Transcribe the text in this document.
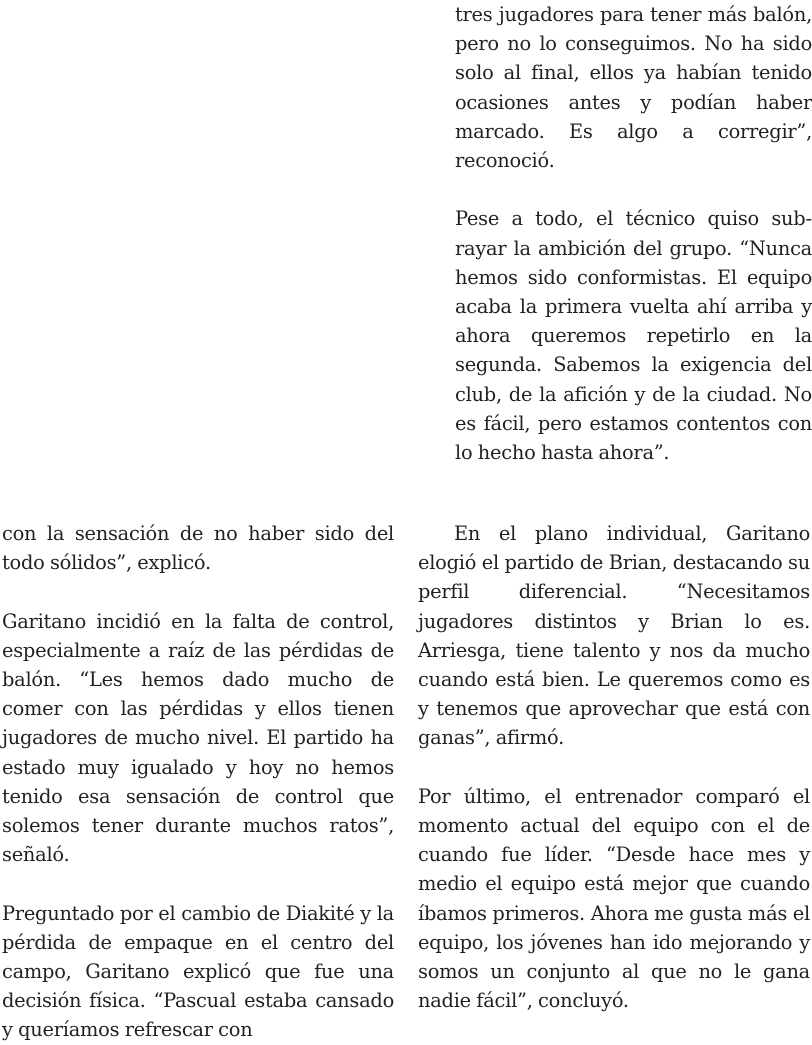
tres jugadores para tener más balón, pero no lo conseguimos. No ha sido solo al final, ellos ya habían tenido ocasiones antes y podían haber marcado. Es algo a corregir”, reconoció.

Pese a todo, el técnico quiso subrayar la ambición del grupo. “Nunca hemos sido conformistas. El equipo acaba la primera vuelta ahí arriba y ahora queremos repetirlo en la segunda. Sabemos la exigencia del club, de la afición y de la ciudad. No es fácil, pero estamos contentos con lo hecho hasta ahora”.

con la sensación de no haber sido del todo sólidos”, explicó.

Garitano incidió en la falta de control, especialmente a raíz de las pérdidas de balón. “Les hemos dado mucho de comer con las pérdidas y ellos tienen jugadores de mucho nivel. El partido ha estado muy igualado y hoy no hemos tenido esa sensación de control que solemos tener durante muchos ratos”, señaló.

Preguntado por el cambio de Diakité y la pérdida de empaque en el centro del campo, Garitano explicó que fue una decisión física. “Pascual estaba cansado y queríamos refrescar con

En el plano individual, Garitano elogió el partido de Brian, destacando su perfil diferencial. “Necesitamos jugadores distintos y Brian lo es. Arriesga, tiene talento y nos da mucho cuando está bien. Le queremos como es y tenemos que aprovechar que está con ganas”, afirmó.

Por último, el entrenador comparó el momento actual del equipo con el de cuando fue líder. “Desde hace mes y medio el equipo está mejor que cuando íbamos primeros. Ahora me gusta más el equipo, los jóvenes han ido mejorando y somos un conjunto al que no le gana nadie fácil”, concluyó.
